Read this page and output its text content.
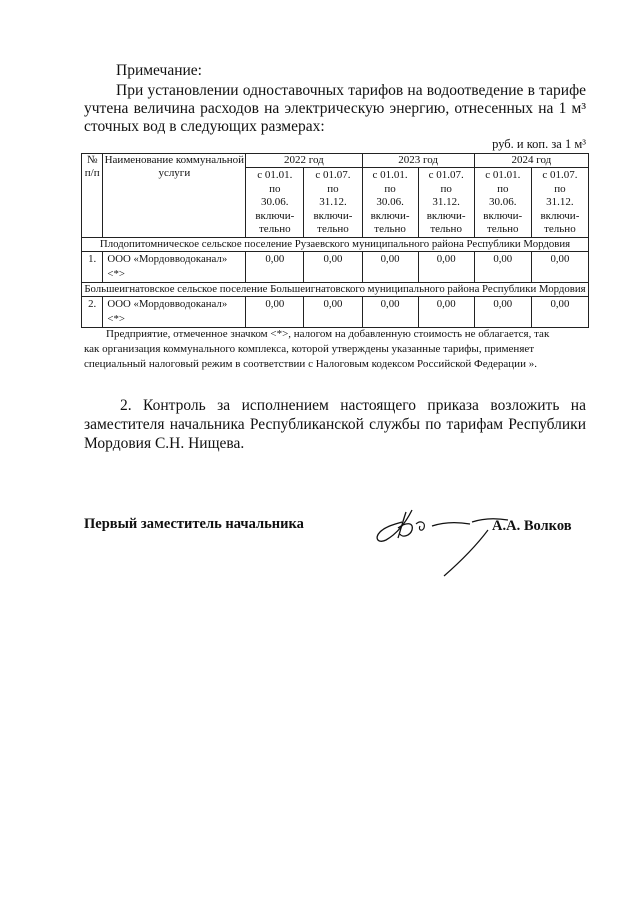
Примечание:
При установлении одноставочных тарифов на водоотведение в тарифе
учтена величина расходов на электрическую энергию, отнесенных на 1 м³
сточных вод в следующих размерах:
руб. и коп. за 1 м³
№ п/п	Наименование коммунальной услуги	2022 год		2023 год		2024 год	

		с 01.01.
по
30.06.
включи-
тельно	с 01.07.
по
31.12.
включи-
тельно	с 01.01.
по
30.06.
включи-
тельно	с 01.07.
по
31.12.
включи-
тельно	с 01.01.
по
30.06.
включи-
тельно	с 01.07.
по
31.12.
включи-
тельно

Плодопитомническое сельское поселение Рузаевского муниципального района Республики Мордовия							
1.	ООО «Мордовводоканал» <*>	0,00	0,00	0,00	0,00	0,00	0,00
Большеигнатовское сельское поселение Большеигнатовского муниципального района Республики Мордовия							
2.	ООО «Мордовводоканал» <*>	0,00	0,00	0,00	0,00	0,00	0,00
Предприятие, отмеченное значком <*>, налогом на добавленную стоимость не облагается, так
как организация коммунального комплекса, которой утверждены указанные тарифы, применяет
специальный налоговый режим в соответствии с Налоговым кодексом Российской Федерации ».
2. Контроль за исполнением настоящего приказа возложить на
заместителя начальника Республиканской службы по тарифам Республики
Мордовия С.Н. Нищева.
Первый заместитель начальника	А.А. Волков
